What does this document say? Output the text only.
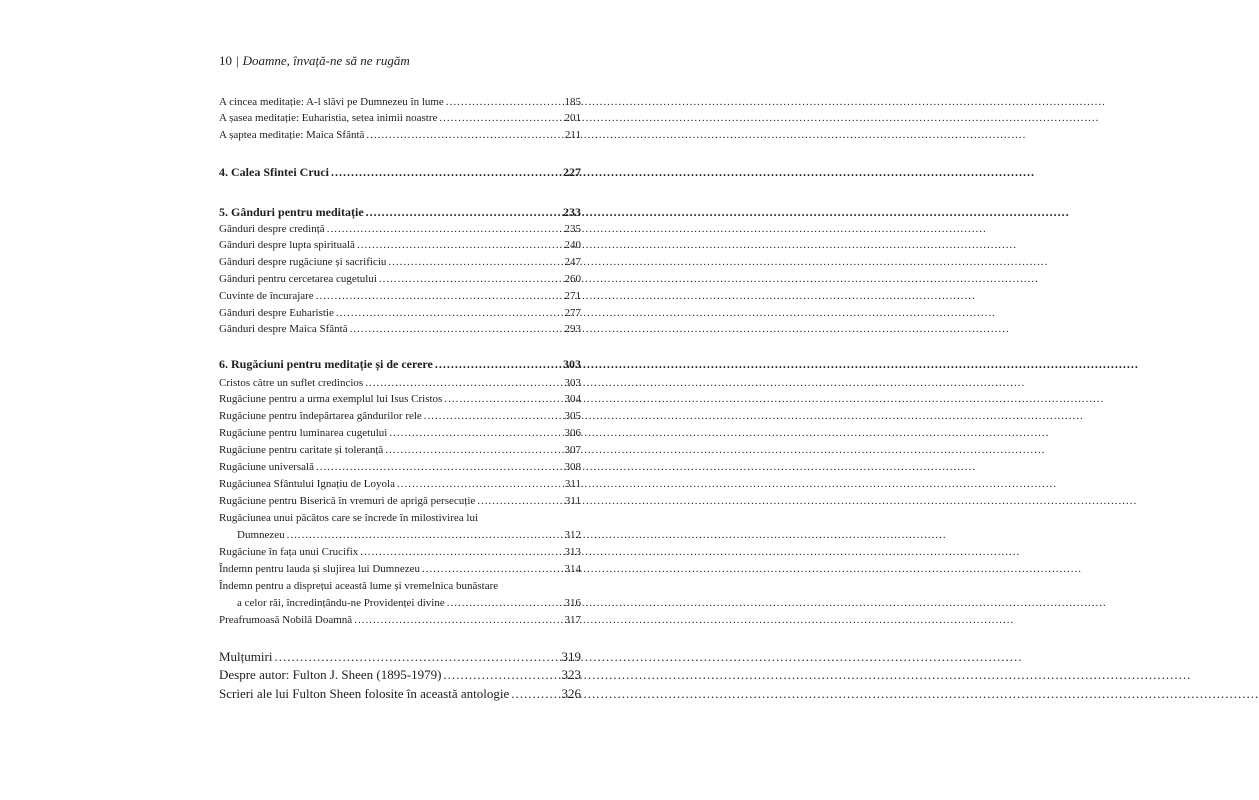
10 | Doamne, învață-ne să ne rugăm
A cincea meditație: A-l slăvi pe Dumnezeu în lume .....	185
A șasea meditație: Euharistia, setea inimii noastre .....	201
A șaptea meditație: Maica Sfântă .....	211
4. Calea Sfintei Cruci .....	227
5. Gânduri pentru meditație .....	233
Gânduri despre credință .....	235
Gânduri despre lupta spirituală .....	240
Gânduri despre rugăciune și sacrificiu .....	247
Gânduri pentru cercetarea cugetului .....	260
Cuvinte de încurajare .....	271
Gânduri despre Euharistie .....	277
Gânduri despre Maica Sfântă .....	293
6. Rugăciuni pentru meditație și de cerere .....	303
Cristos către un suflet credincios .....	303
Rugăciune pentru a urma exemplul lui Isus Cristos .....	304
Rugăciune pentru îndepărtarea gândurilor rele .....	305
Rugăciune pentru luminarea cugetului .....	306
Rugăciune pentru caritate și toleranță .....	307
Rugăciune universală .....	308
Rugăciunea Sfântului Ignațiu de Loyola .....	311
Rugăciune pentru Biserică în vremuri de aprigă persecuție .....	311
Rugăciunea unui păcătos care se încrede în milostivirea lui
Dumnezeu .....	312
Rugăciune în fața unui Crucifix .....	313
Îndemn pentru lauda și slujirea lui Dumnezeu .....	314
Îndemn pentru a disprețui această lume și vremelnica bunăstare
a celor răi, încredințându-ne Providenței divine .....	316
Preafrumoasă Nobilă Doamnă .....	317
Mulțumiri .....	319
Despre autor: Fulton J. Sheen (1895-1979) .....	323
Scrieri ale lui Fulton Sheen folosite în această antologie .....	326
